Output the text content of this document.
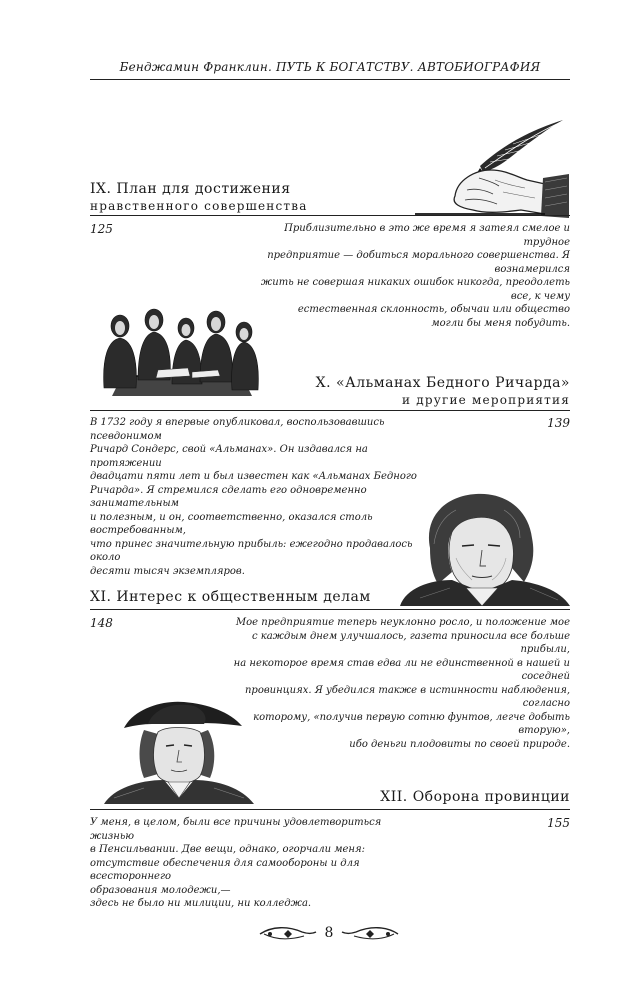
Бенджамин Франклин. ПУТЬ К БОГАТСТВУ. АВТОБИОГРАФИЯ
IX. План для достижения
нравственного совершенства
125	Приблизительно в это же время я затеял смелое и трудное
предприятие — добиться морального совершенства. Я вознамерился
жить не совершая никаких ошибок никогда, преодолеть все, к чему
естественная склонность, обычаи или общество
могли бы меня побудить.
X. «Альманах Бедного Ричарда»
и другие мероприятия
139
В 1732 году я впервые опубликовал, воспользовавшись псевдонимом
Ричард Сондерс, свой «Альманах». Он издавался на протяжении
двадцати пяти лет и был известен как «Альманах Бедного
Ричарда». Я стремился сделать его одновременно занимательным
и полезным, и он, соответственно, оказался столь востребованным,
что принес значительную прибыль: ежегодно продавалось около
десяти тысяч экземпляров.
XI. Интерес к общественным делам
148	Мое предприятие теперь неуклонно росло, и положение мое
с каждым днем улучшалось, газета приносила все больше прибыли,
на некоторое время став едва ли не единственной в нашей и соседней
провинциях. Я убедился также в истинности наблюдения, согласно
которому, «получив первую сотню фунтов, легче добыть вторую»,
ибо деньги плодовиты по своей природе.
XII. Оборона провинции
155
У меня, в целом, были все причины удовлетвориться жизнью
в Пенсильвании. Две вещи, однако, огорчали меня:
отсутствие обеспечения для самообороны и для всестороннего
образования молодежи,—
здесь не было ни милиции, ни колледжа.
8
